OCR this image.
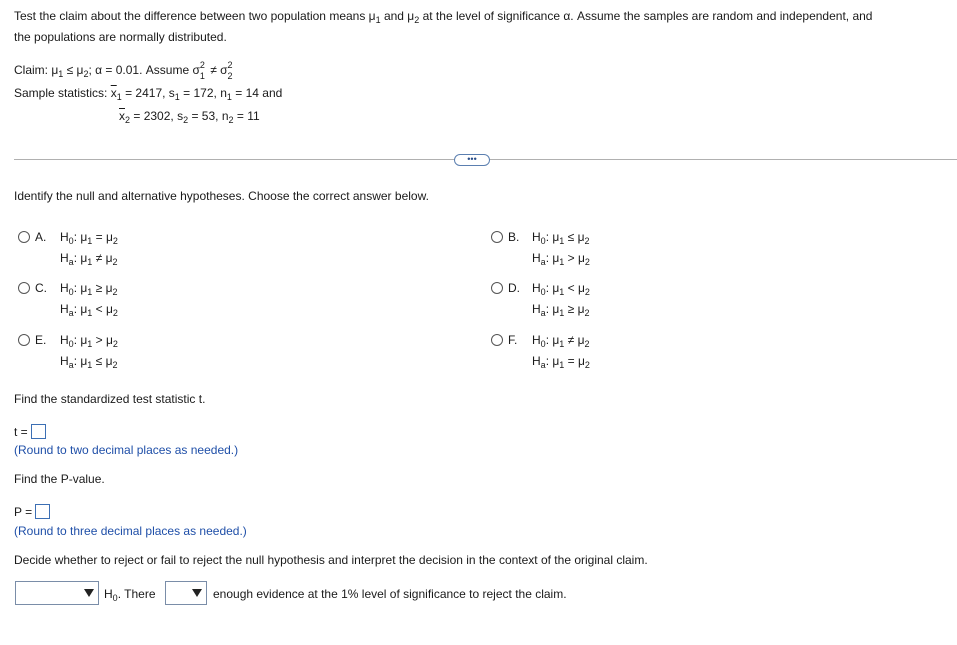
Test the claim about the difference between two population means $\mu_1$ and $\mu_2$ at the level of significance α. Assume the samples are random and independent, and
the populations are normally distributed.
Claim: $\mu_1 \le \mu_2$; α = 0.01. Assume σ 2
1 ≠ σ 2
2
Sample statistics: $\overline{x}_1 = 2417$, $s_1 = 172$, $n_1 = 14$ and
$\overline{x}_2 = 2302$, $s_2 = 53$, $n_2 = 11$
•••
Identify the null and alternative hypotheses. Choose the correct answer below.
A. $H_0$: $\mu_1 = \mu_2$
$H_a$: $\mu_1 \ne \mu_2$
B. $H_0$: $\mu_1 \le \mu_2$
$H_a$: $\mu_1 > \mu_2$
C. $H_0$: $\mu_1 \ge \mu_2$
$H_a$: $\mu_1 < \mu_2$
D. $H_0$: $\mu_1 < \mu_2$
$H_a$: $\mu_1 \ge \mu_2$
E. $H_0$: $\mu_1 > \mu_2$
$H_a$: $\mu_1 \le \mu_2$
F. $H_0$: $\mu_1 \ne \mu_2$
$H_a$: $\mu_1 = \mu_2$
Find the standardized test statistic t.
t =
(Round to two decimal places as needed.)
Find the P-value.
P =
(Round to three decimal places as needed.)
Decide whether to reject or fail to reject the null hypothesis and interpret the decision in the context of the original claim.
$H_0$. There	enough evidence at the 1% level of significance to reject the claim.
